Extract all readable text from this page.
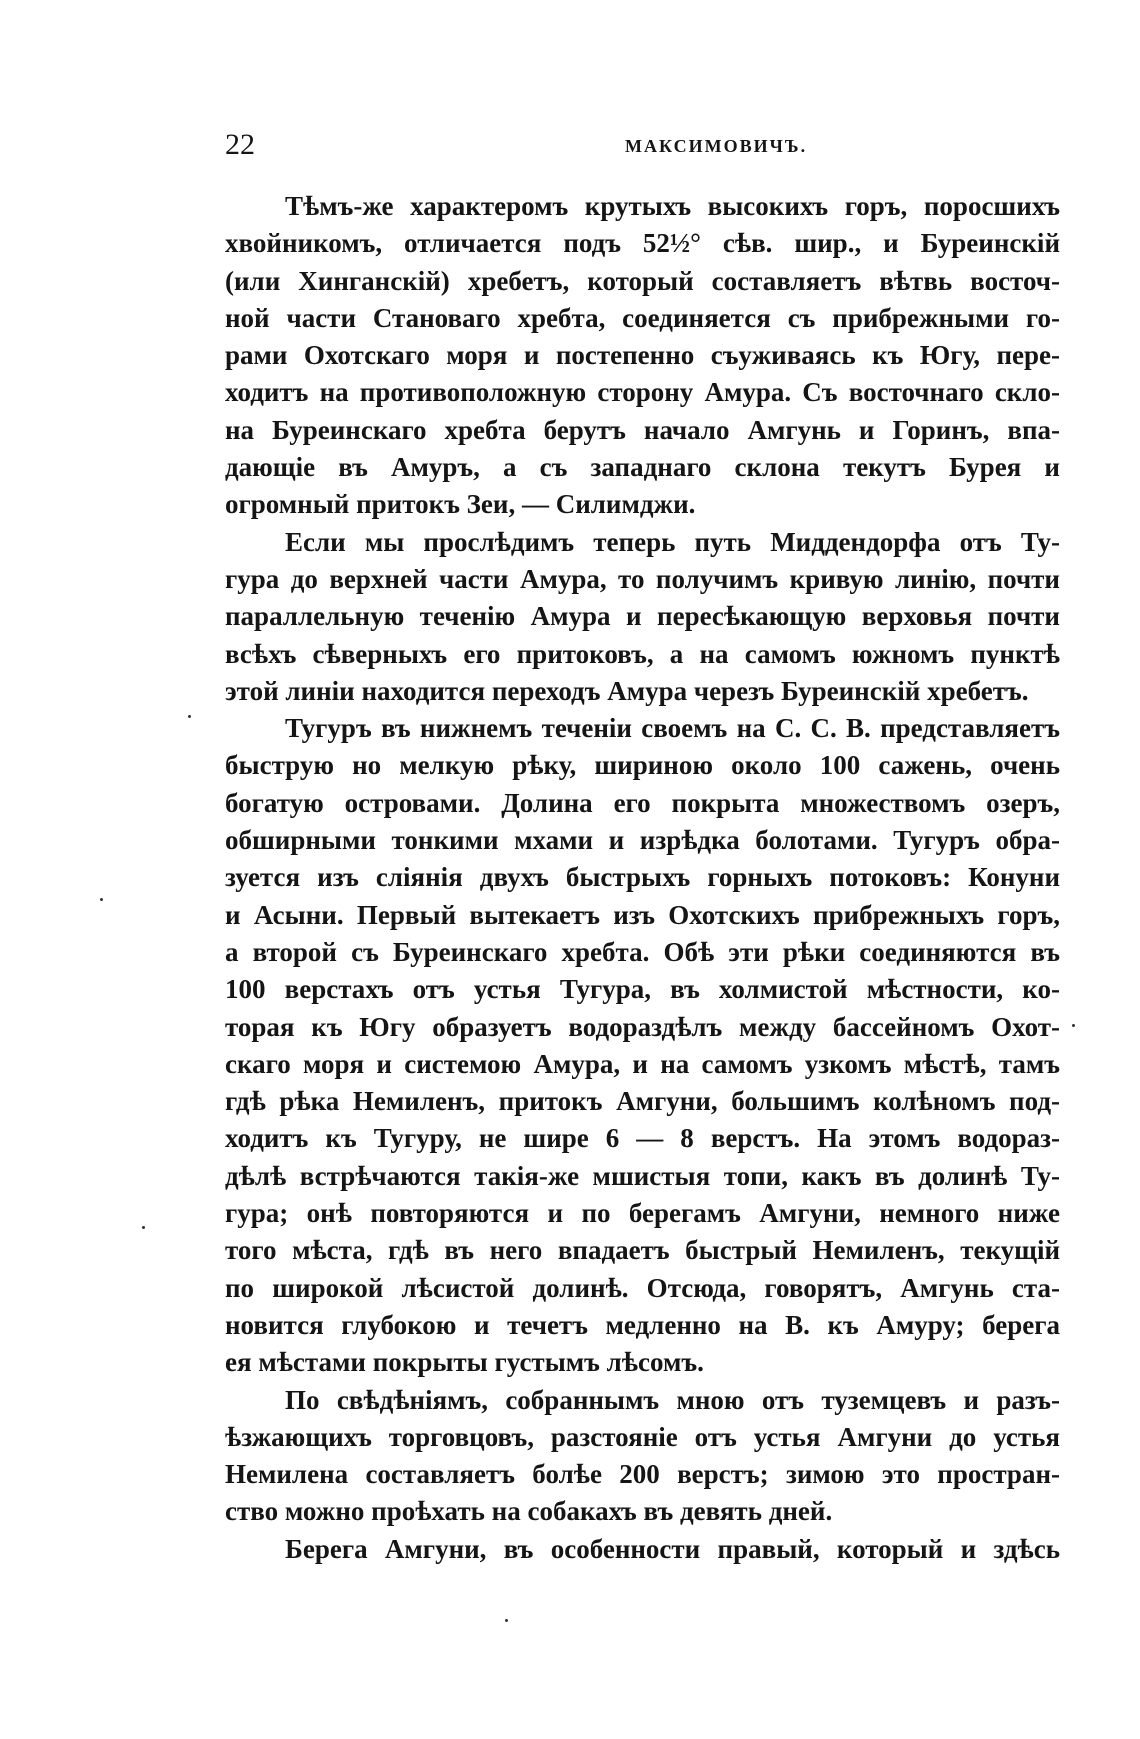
22	МАКСИМОВИЧЪ.
Тѣмъ-же характеромъ крутыхъ высокихъ горъ, поросшихъ
хвойникомъ, отличается подъ 52½° сѣв. шир., и Буреинскій
(или Хинганскій) хребетъ, который составляетъ вѣтвь восточ-
ной части Становаго хребта, соединяется съ прибрежными го-
рами Охотскаго моря и постепенно съуживаясь къ Югу, пере-
ходитъ на противоположную сторону Амура. Съ восточнаго скло-
на Буреинскаго хребта берутъ начало Амгунь и Горинъ, впа-
дающіе въ Амуръ, а съ западнаго склона текутъ Бурея и
огромный притокъ Зеи, — Силимджи.
Если мы прослѣдимъ теперь путь Миддендорфа отъ Ту-
гура до верхней части Амура, то получимъ кривую линію, почти
параллельную теченію Амура и пересѣкающую верховья почти
всѣхъ сѣверныхъ его притоковъ, а на самомъ южномъ пунктѣ
этой линіи находится переходъ Амура черезъ Буреинскій хребетъ.
Тугуръ въ нижнемъ теченіи своемъ на С. С. В. представляетъ
быструю но мелкую рѣку, шириною около 100 сажень, очень
богатую островами. Долина его покрыта множествомъ озеръ,
обширными тонкими мхами и изрѣдка болотами. Тугуръ обра-
зуется изъ слiянiя двухъ быстрыхъ горныхъ потоковъ: Конуни
и Асыни. Первый вытекаетъ изъ Охотскихъ прибрежныхъ горъ,
а второй съ Буреинскаго хребта. Обѣ эти рѣки соединяются въ
100 верстахъ отъ устья Тугура, въ холмистой мѣстности, ко-
торая къ Югу образуетъ водораздѣлъ между бассейномъ Охот-
скаго моря и системою Амура, и на самомъ узкомъ мѣстѣ, тамъ
гдѣ рѣка Немиленъ, притокъ Амгуни, большимъ колѣномъ под-
ходитъ къ Тугуру, не шире 6 — 8 верстъ. На этомъ водораз-
дѣлѣ встрѣчаются такiя-же мшистыя топи, какъ въ долинѣ Ту-
гура; онѣ повторяются и по берегамъ Амгуни, немного ниже
того мѣста, гдѣ въ него впадаетъ быстрый Немиленъ, текущiй
по широкой лѣсистой долинѣ. Отсюда, говорятъ, Амгунь ста-
новится глубокою и течетъ медленно на В. къ Амуру; берега
ея мѣстами покрыты густымъ лѣсомъ.
По свѣдѣнiямъ, собраннымъ мною отъ туземцевъ и разъ-
ѣзжающихъ торговцовъ, разстоянiе отъ устья Амгуни до устья
Немилена составляетъ болѣе 200 верстъ; зимою это простран-
ство можно проѣхать на собакахъ въ девять дней.
Берега Амгуни, въ особенности правый, который и здѣсь
